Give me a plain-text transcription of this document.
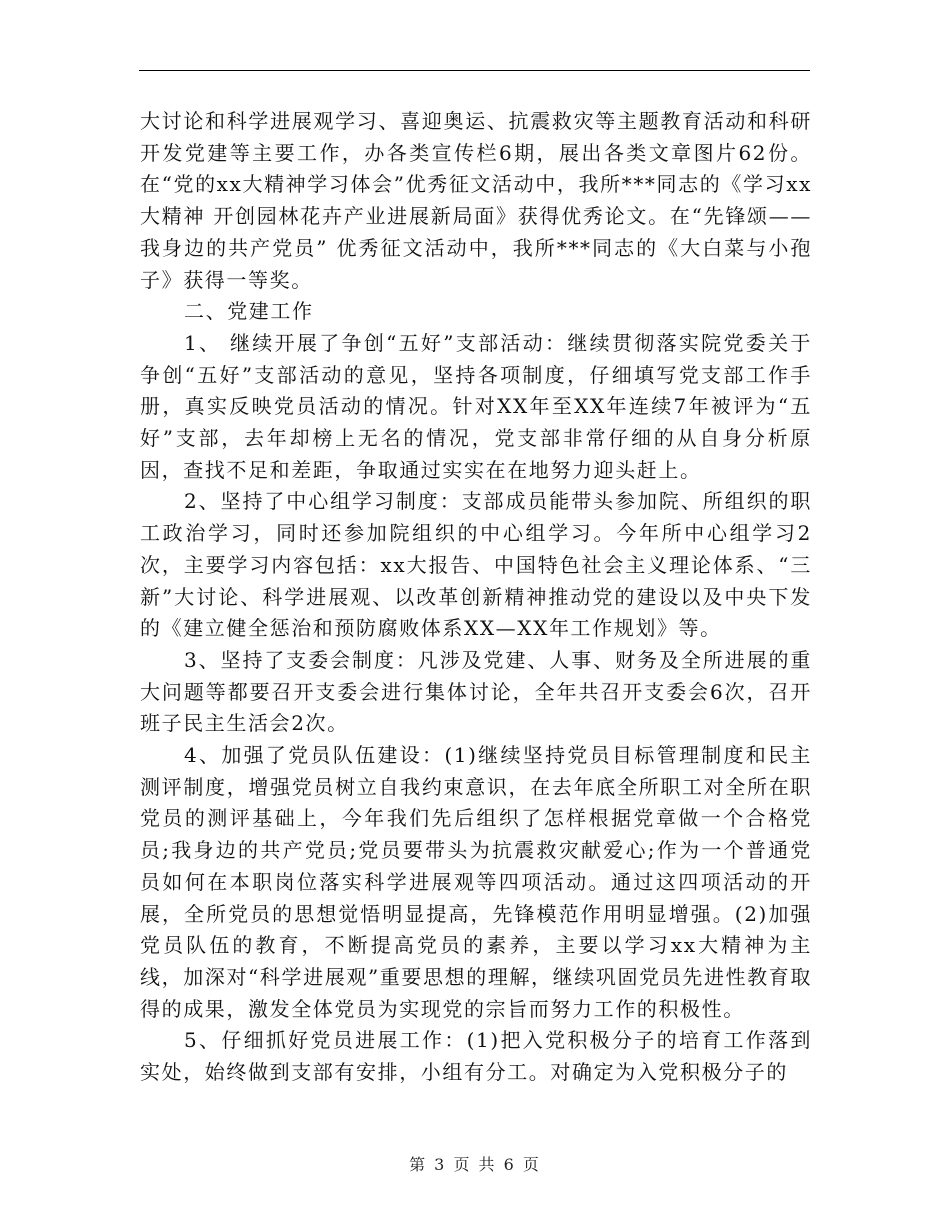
大讨论和科学进展观学习、喜迎奥运、抗震救灾等主题教育活动和科研开发党建等主要工作，办各类宣传栏6期，展出各类文章图片62份。在“党的xx大精神学习体会”优秀征文活动中，我所***同志的《学习xx大精神 开创园林花卉产业进展新局面》获得优秀论文。在“先锋颂——我身边的共产党员” 优秀征文活动中，我所***同志的《大白菜与小孢子》获得一等奖。

二、党建工作

1、 继续开展了争创“五好”支部活动：继续贯彻落实院党委关于争创“五好”支部活动的意见，坚持各项制度，仔细填写党支部工作手册，真实反映党员活动的情况。针对XX年至XX年连续7年被评为“五好”支部，去年却榜上无名的情况，党支部非常仔细的从自身分析原因，查找不足和差距，争取通过实实在在地努力迎头赶上。

2、坚持了中心组学习制度：支部成员能带头参加院、所组织的职工政治学习，同时还参加院组织的中心组学习。今年所中心组学习2次，主要学习内容包括：xx大报告、中国特色社会主义理论体系、“三新”大讨论、科学进展观、以改革创新精神推动党的建设以及中央下发的《建立健全惩治和预防腐败体系XX—XX年工作规划》等。

3、坚持了支委会制度：凡涉及党建、人事、财务及全所进展的重大问题等都要召开支委会进行集体讨论，全年共召开支委会6次，召开班子民主生活会2次。

4、加强了党员队伍建设：(1)继续坚持党员目标管理制度和民主测评制度，增强党员树立自我约束意识，在去年底全所职工对全所在职党员的测评基础上，今年我们先后组织了怎样根据党章做一个合格党员;我身边的共产党员;党员要带头为抗震救灾献爱心;作为一个普通党员如何在本职岗位落实科学进展观等四项活动。通过这四项活动的开展，全所党员的思想觉悟明显提高，先锋模范作用明显增强。(2)加强党员队伍的教育，不断提高党员的素养，主要以学习xx大精神为主线，加深对“科学进展观”重要思想的理解，继续巩固党员先进性教育取得的成果，激发全体党员为实现党的宗旨而努力工作的积极性。

5、仔细抓好党员进展工作：(1)把入党积极分子的培育工作落到实处，始终做到支部有安排，小组有分工。对确定为入党积极分子的

第 3 页 共 6 页
